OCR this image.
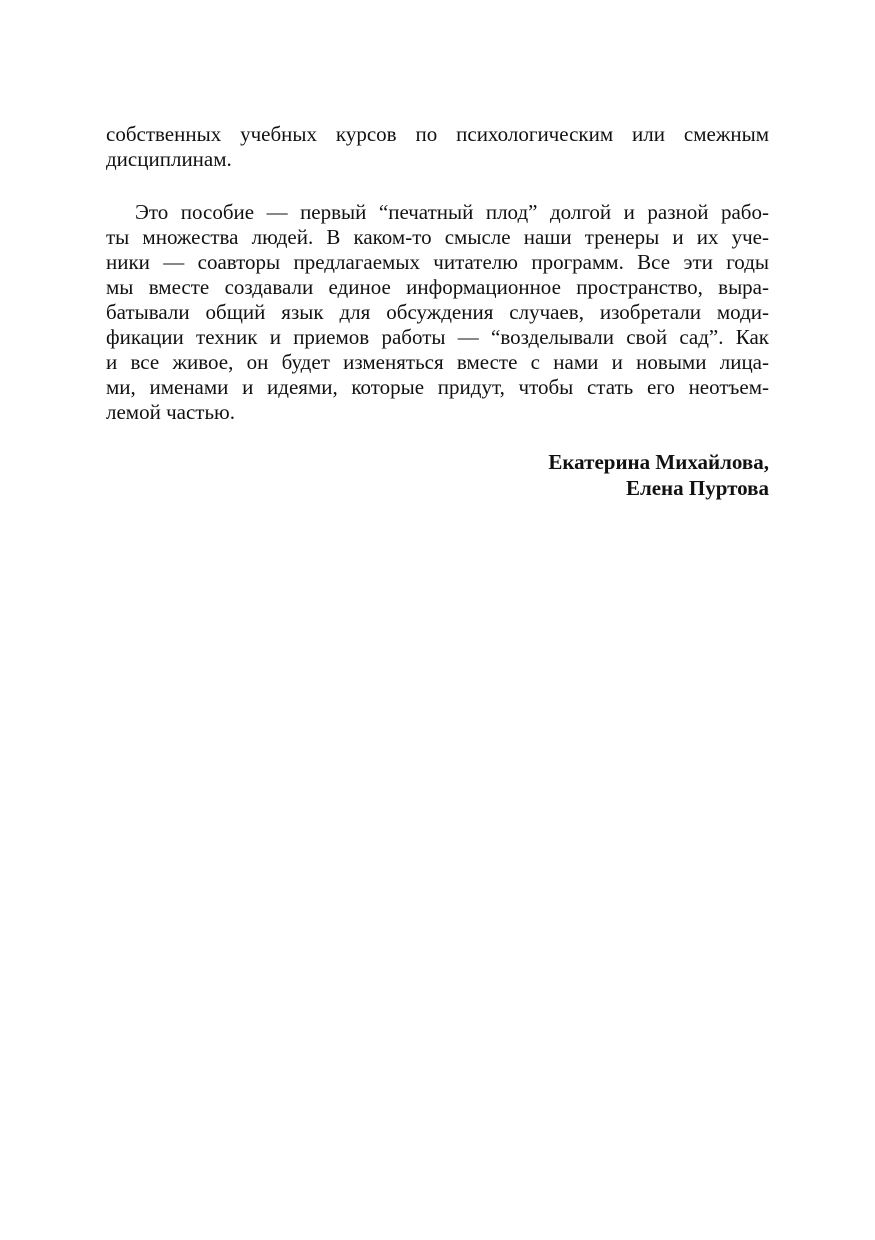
собственных учебных курсов по психологическим или смежным
дисциплинам.
Это пособие — первый “печатный плод” долгой и разной рабо-
ты множества людей. В каком-то смысле наши тренеры и их уче-
ники — соавторы предлагаемых читателю программ. Все эти годы
мы вместе создавали единое информационное пространство, выра-
батывали общий язык для обсуждения случаев, изобретали моди-
фикации техник и приемов работы — “возделывали свой сад”. Как
и все живое, он будет изменяться вместе с нами и новыми лица-
ми, именами и идеями, которые придут, чтобы стать его неотъем-
лемой частью.
Екатерина Михайлова,
Елена Пуртова
